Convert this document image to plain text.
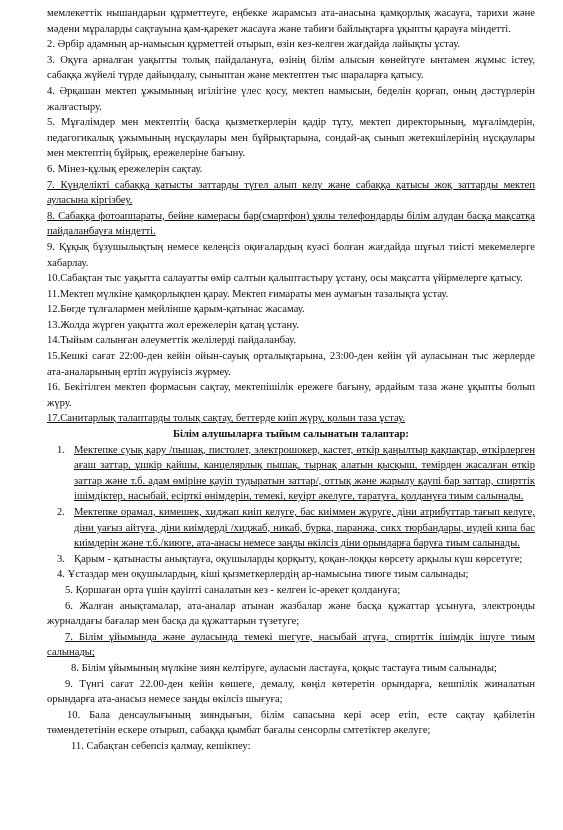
мемлекеттік нышандарын құрметтеуге, еңбекке жарамсыз ата-анасына қамқорлық жасауға, тарихи және мәдени мұраларды сақтауына қам-қарекет жасауға және табиғи байлықтарға ұқыпты қарауға міндетті.

2. Әрбір адамның ар-намысын құрметтей отырып, өзін кез-келген жағдайда лайықты ұстау.

3. Оқуға арналған уақытты толық пайдалануға, өзінің білім алысын көнейтуге ынтамен жұмыс істеу, сабаққа жүйелі түрде дайындалу, сыныптан және мектептен тыс шараларға қатысу.

4. Әрқашан мектеп ұжымының игілігіне үлес қосу, мектеп намысын, беделін қорғап, оның дәстүрлерін жалғастыру.

5. Мұғалімдер мен мектептің басқа қызметкерлерін қадір тұту, мектеп директорының, мұғалімдерін, педагогикалық ұжымының нұсқаулары мен бұйрықтарына, сондай-ақ сынып жетекшілерінің нұсқаулары мен мектептің бұйрық, ережелеріне бағыну.

6. Мінез-құлық ережелерін сақтау.

7. Күнделікті сабаққа қатысты заттарды түгел алып келу және сабаққа қатысы жоқ заттарды мектеп ауласына кіргізбеу.

8. Сабаққа фотоаппараты, бейне камерасы бар(смартфон) ұялы телефондарды білім алудан басқа мақсатқа пайдаланбауға міндетті.

9. Құқық бұзушылықтың немесе келеңсіз оқиғалардың куәсі болған жағдайда шұғыл тиісті мекемелерге хабарлау.

10.Сабақтан тыс уақытта салауатты өмір салтын қалыптастыру ұстану, осы мақсатта үйірмелерге қатысу.

11.Мектеп мүлкіне қамқорлықпен қарау. Мектеп ғимараты мен аумағын тазалықта ұстау.

12.Бөгде тұлғалармен мейлінше қарым-қатынас жасамау.

13.Жолда жүрген уақытта жол ережелерін қатаң ұстану.

14.Тыйым салынған әлеуметтік желілерді пайдаланбау.

15.Кешкі сағат 22:00-ден кейін ойын-сауық орталықтарына, 23:00-ден кейін үй ауласынан тыс жерлерде ата-аналарының ертіп жүруінсіз жүрмеу.

16. Бекітілген мектеп формасын сақтау, мектепішілік ережеге бағыну, әрдайым таза және ұқыпты болып жүру.

17.Санитарлық талаптарды толық сақтау, беттерде киіп жүру, қолын таза ұстау.

Білім алушыларға тыйым салынатын талаптар:

1. Мектепке суық қару /пышақ, пистолет, электрошокер, кастет, өткір қаңылтыр қақпақтар, өткірлерген ағаш заттар, ұшкір қайшы, канцелярлық пышақ, тырнақ алатын қысқыш, темірден жасалған өткір заттар және т.б. адам өміріне қауіп тудыратын заттар/, оттық және жарылу қаупі бар заттар, спирттік ішімдіктер, насыбай, есірткі өнімдерін, темекі, кеуірт әкелуге, таратуға, қолдануға тиым салынады.
2. Мектепке орамал, кимешек, хиджап киіп келуге, бас киіммен жүруге, діни атрибуттар тағып келуге, діни уағыз айтуға, діни киімдерді /хиджаб, никаб, бурка, паранжа, сикх тюрбандары, иудей кипа бас киімдерін және т.б./киюге, ата-анасы немесе заңды өкілсіз діни орындарға баруға тиым салынады.
3. Қарым - қатынасты анықтауға, оқушыларды қорқыту, қоқан-лоққы көрсету арқылы күш көрсетуге;

4. Ұстаздар мен оқушылардың, кіші қызметкерлердің ар-намысына тиюге тиым салынады;

5. Қоршаған орта үшін қауіпті саналатын кез - келген іс-әрекет қолдануға;

6. Жалған анықтамалар, ата-аналар атынан жазбалар және басқа құжаттар ұсынуға, электронды журналдағы бағалар мен басқа да құжаттарын түзетуге;

7. Білім ұйымында және ауласында темекі шегуге, насыбай атуға, спирттік ішімдік ішуге тиым салынады;

8. Білім ұйымының мүлкіне зиян келтіруге, ауласын ластауға, қоқыс тастауға тиым салынады;

9. Түнгі сағат 22.00-ден кейін көшеге, демалу, көңіл көтеретін орындарға, кешпілік жиналатын орындарға ата-анасыз немесе заңды өкілсіз шығуға;

10. Бала денсаулығының зияндығын, білім сапасына кері әсер етіп, есте сақтау қабілетін төмендететінін ескере отырып, сабаққа қымбат бағалы сенсорлы смтетіктер әкелуге;

11. Сабақтан себепсіз қалмау, кешікпеу:
